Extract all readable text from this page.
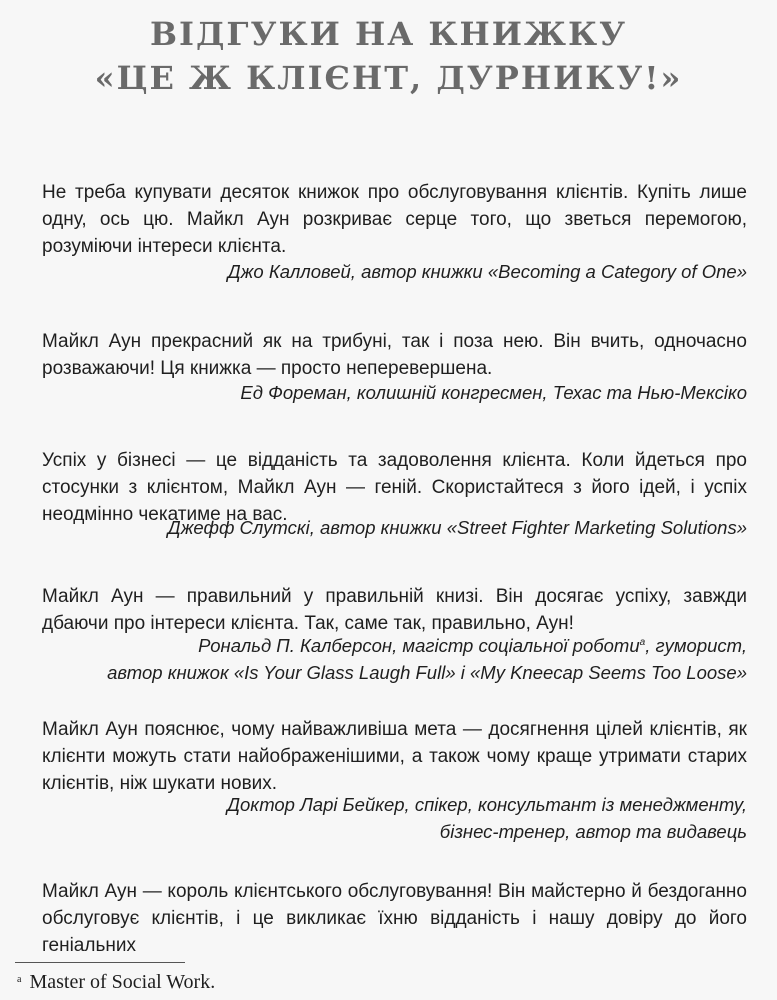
ВІДГУКИ НА КНИЖКУ
«ЦЕ Ж КЛІЄНТ, ДУРНИКУ!»
Не треба купувати десяток книжок про обслуговування клієнтів. Купіть лише одну, ось цю. Майкл Аун розкриває серце того, що зветься перемогою, розуміючи інтереси клієнта.
Джо Калловей, автор книжки «Becoming a Category of One»
Майкл Аун прекрасний як на трибуні, так і поза нею. Він вчить, одночасно розважаючи! Ця книжка — просто неперевершена.
Ед Фореман, колишній конгресмен, Техас та Нью-Мексіко
Успіх у бізнесі — це відданість та задоволення клієнта. Коли йдеться про стосунки з клієнтом, Майкл Аун — геній. Скористайтеся з його ідей, і успіх неодмінно чекатиме на вас.
Джефф Слутскі, автор книжки «Street Fighter Marketing Solutions»
Майкл Аун — правильний у правильній книзі. Він досягає успіху, завжди дбаючи про інтереси клієнта. Так, саме так, правильно, Аун!
Рональд П. Калберсон, магістр соціальної роботи$^a$, гуморист,
автор книжок «Is Your Glass Laugh Full» і «My Kneecap Seems Too Loose»
Майкл Аун пояснює, чому найважливіша мета — досягнення цілей клієнтів, як клієнти можуть стати найображенішими, а також чому краще утримати старих клієнтів, ніж шукати нових.
Доктор Ларі Бейкер, спікер, консультант із менеджменту,
бізнес-тренер, автор та видавець
Майкл Аун — король клієнтського обслуговування! Він майстерно й бездоганно обслуговує клієнтів, і це викликає їхню відданість і нашу довіру до його геніальних
$^a$ Master of Social Work.
